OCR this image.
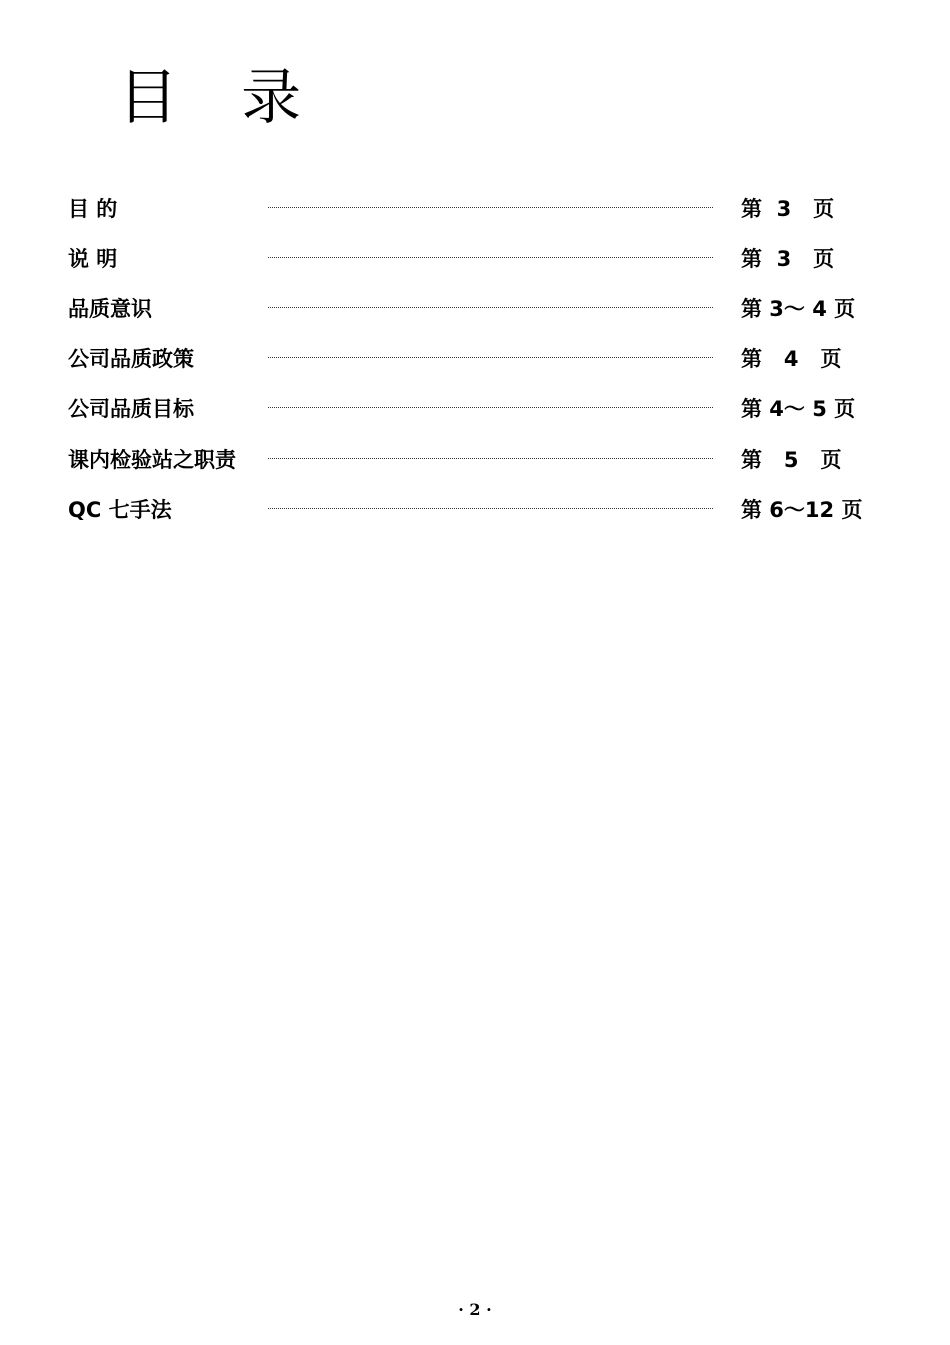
目 录
目 的	第  3   页
说 明	第  3   页
品质意识	第 3～ 4 页
公司品质政策	第   4   页
公司品质目标	第 4～ 5 页
课内检验站之职责	第   5   页
QC 七手法	第 6～12 页
· 2 ·
